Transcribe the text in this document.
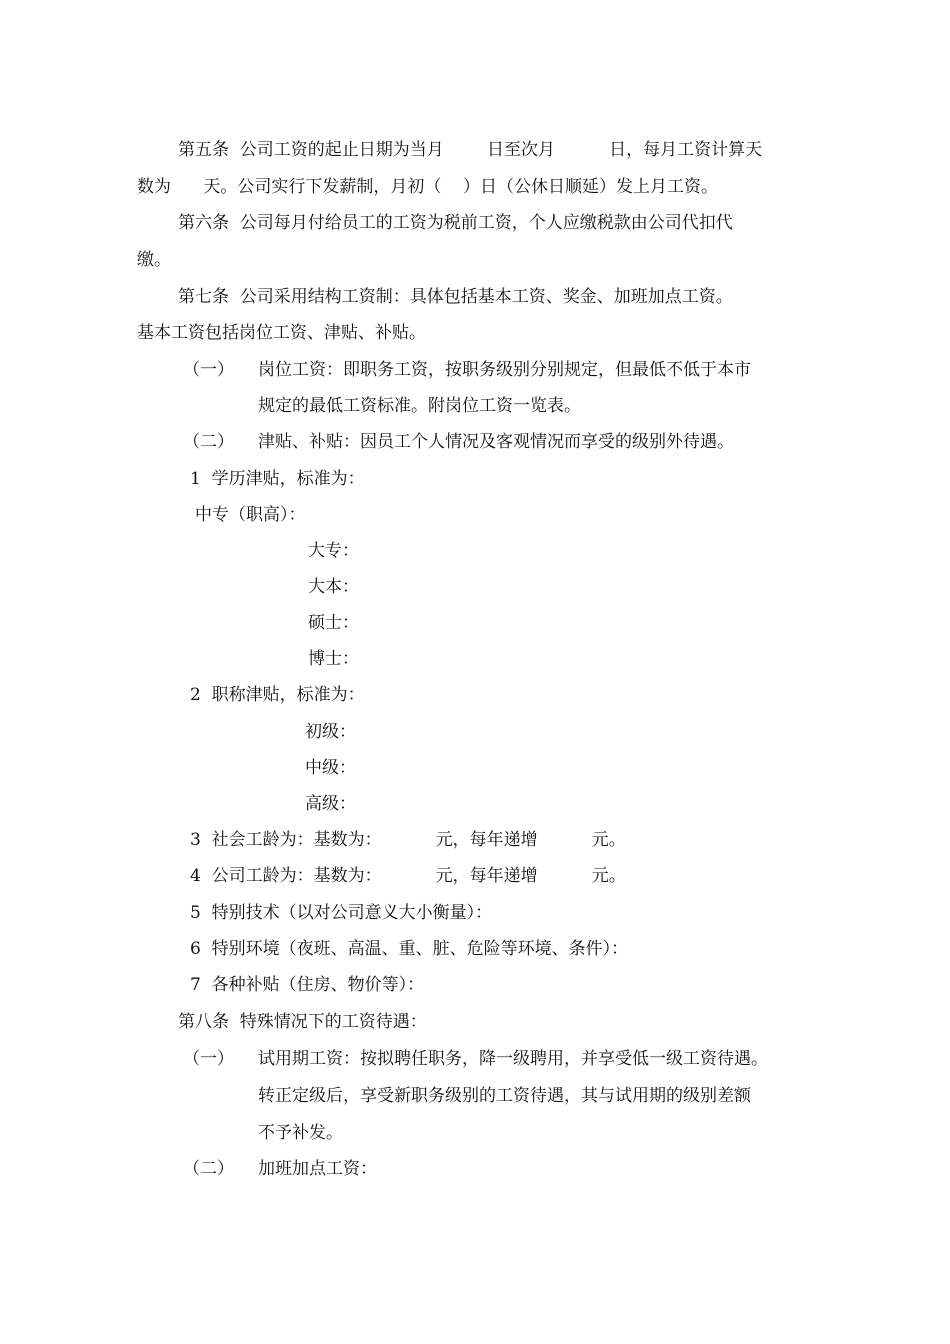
第五条  公司工资的起止日期为当月        日至次月          日，每月工资计算天
数为      天。公司实行下发薪制，月初（    ）日（公休日顺延）发上月工资。
第六条  公司每月付给员工的工资为税前工资，个人应缴税款由公司代扣代
缴。
第七条  公司采用结构工资制：具体包括基本工资、奖金、加班加点工资。
基本工资包括岗位工资、津贴、补贴。
（一） 岗位工资：即职务工资，按职务级别分别规定，但最低不低于本市
规定的最低工资标准。附岗位工资一览表。
（二） 津贴、补贴：因员工个人情况及客观情况而享受的级别外待遇。
1  学历津贴，标准为：
中专（职高）：
大专：
大本：
硕士：
博士：
2  职称津贴，标准为：
初级：
中级：
高级：
3  社会工龄为：基数为：          元，每年递增          元。
4  公司工龄为：基数为：          元，每年递增          元。
5  特别技术（以对公司意义大小衡量）：
6  特别环境（夜班、高温、重、脏、危险等环境、条件）：
7  各种补贴（住房、物价等）：
第八条  特殊情况下的工资待遇：
（一） 试用期工资：按拟聘任职务，降一级聘用，并享受低一级工资待遇。
转正定级后，享受新职务级别的工资待遇，其与试用期的级别差额
不予补发。
（二） 加班加点工资：
